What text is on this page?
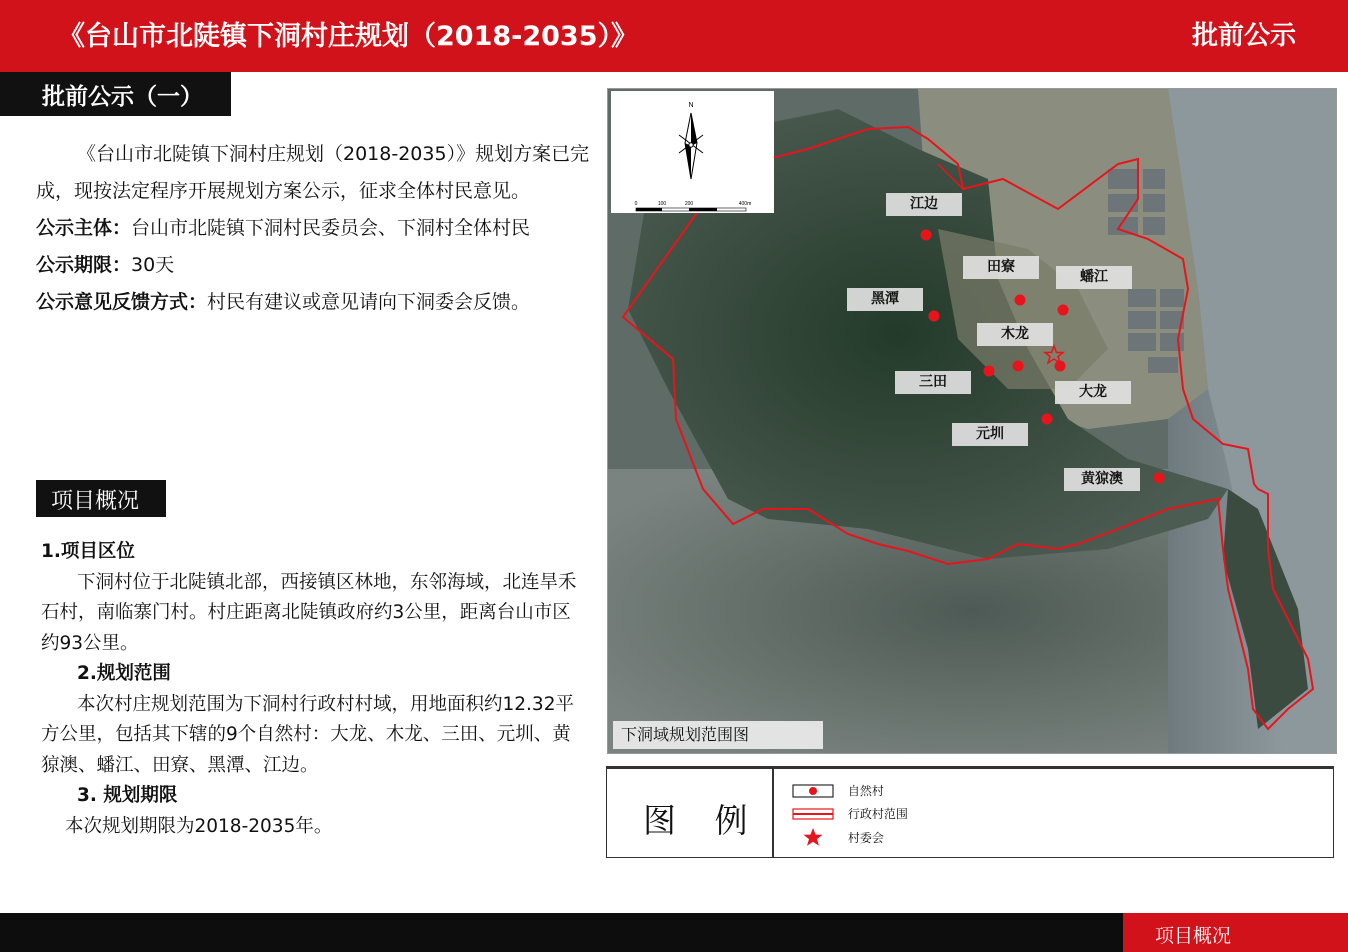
《台山市北陡镇下洞村庄规划（2018-2035）》	批前公示
批前公示（一）

《台山市北陡镇下洞村庄规划（2018-2035）》规划方案已完成，现按法定程序开展规划方案公示，征求全体村民意见。

公示主体：台山市北陡镇下洞村民委员会、下洞村全体村民

公示期限：30天

公示意见反馈方式：村民有建议或意见请向下洞委会反馈。

项目概况

1.项目区位

下洞村位于北陡镇北部，西接镇区林地，东邻海域，北连旱禾石村，南临寨门村。村庄距离北陡镇政府约3公里，距离台山市区约93公里。

2.规划范围

本次村庄规划范围为下洞村行政村村域，用地面积约12.32平方公里，包括其下辖的9个自然村：大龙、木龙、三田、元圳、黄猄澳、蟠江、田寮、黑潭、江边。

3. 规划期限

本次规划期限为2018-2035年。

N
0	100	200	400m	江边
田寮
蟠江
黑潭
木龙
三田
大龙
元圳
黄猄澳
下洞域规划范围图
图 例
自然村
行政村范围
村委会
项目概况
